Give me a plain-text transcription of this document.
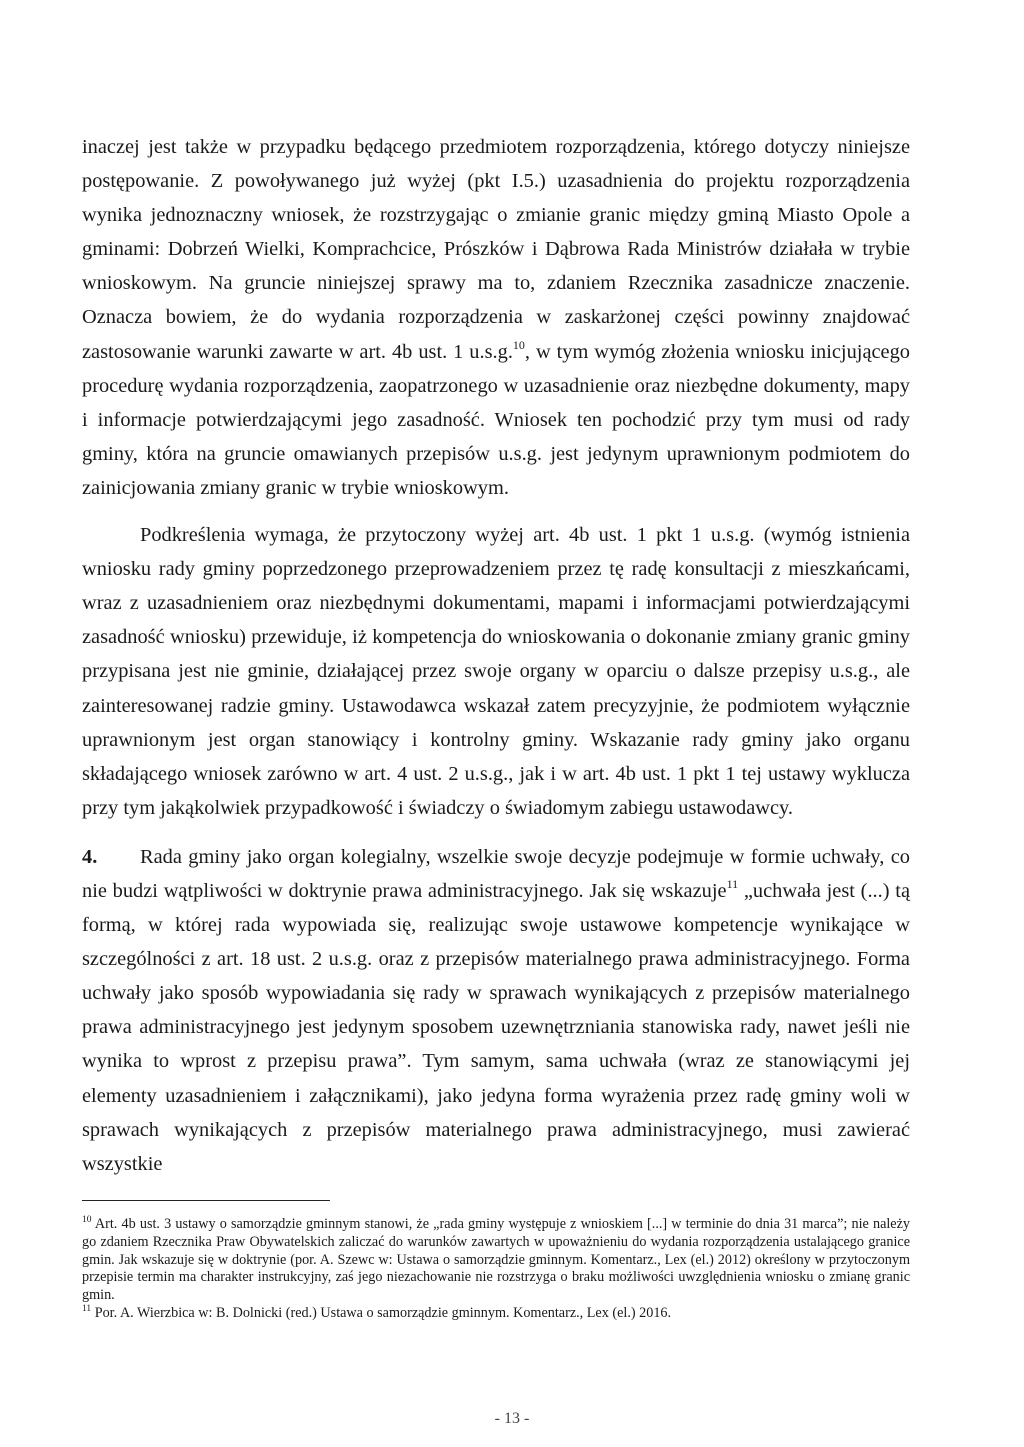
inaczej jest także w przypadku będącego przedmiotem rozporządzenia, którego dotyczy niniejsze postępowanie. Z powoływanego już wyżej (pkt I.5.) uzasadnienia do projektu rozporządzenia wynika jednoznaczny wniosek, że rozstrzygając o zmianie granic między gminą Miasto Opole a gminami: Dobrzeń Wielki, Komprachcice, Prószków i Dąbrowa Rada Ministrów działała w trybie wnioskowym. Na gruncie niniejszej sprawy ma to, zdaniem Rzecznika zasadnicze znaczenie. Oznacza bowiem, że do wydania rozporządzenia w zaskarżonej części powinny znajdować zastosowanie warunki zawarte w art. 4b ust. 1 u.s.g.$^{10}$, w tym wymóg złożenia wniosku inicjującego procedurę wydania rozporządzenia, zaopatrzonego w uzasadnienie oraz niezbędne dokumenty, mapy i informacje potwierdzającymi jego zasadność. Wniosek ten pochodzić przy tym musi od rady gminy, która na gruncie omawianych przepisów u.s.g. jest jedynym uprawnionym podmiotem do zainicjowania zmiany granic w trybie wnioskowym.

Podkreślenia wymaga, że przytoczony wyżej art. 4b ust. 1 pkt 1 u.s.g. (wymóg istnienia wniosku rady gminy poprzedzonego przeprowadzeniem przez tę radę konsultacji z mieszkańcami, wraz z uzasadnieniem oraz niezbędnymi dokumentami, mapami i informacjami potwierdzającymi zasadność wniosku) przewiduje, iż kompetencja do wnioskowania o dokonanie zmiany granic gminy przypisana jest nie gminie, działającej przez swoje organy w oparciu o dalsze przepisy u.s.g., ale zainteresowanej radzie gminy. Ustawodawca wskazał zatem precyzyjnie, że podmiotem wyłącznie uprawnionym jest organ stanowiący i kontrolny gminy. Wskazanie rady gminy jako organu składającego wniosek zarówno w art. 4 ust. 2 u.s.g., jak i w art. 4b ust. 1 pkt 1 tej ustawy wyklucza przy tym jakąkolwiek przypadkowość i świadczy o świadomym zabiegu ustawodawcy.

4. Rada gminy jako organ kolegialny, wszelkie swoje decyzje podejmuje w formie uchwały, co nie budzi wątpliwości w doktrynie prawa administracyjnego. Jak się wskazuje$^{11}$ „uchwała jest (...) tą formą, w której rada wypowiada się, realizując swoje ustawowe kompetencje wynikające w szczególności z art. 18 ust. 2 u.s.g. oraz z przepisów materialnego prawa administracyjnego. Forma uchwały jako sposób wypowiadania się rady w sprawach wynikających z przepisów materialnego prawa administracyjnego jest jedynym sposobem uzewnętrzniania stanowiska rady, nawet jeśli nie wynika to wprost z przepisu prawa”. Tym samym, sama uchwała (wraz ze stanowiącymi jej elementy uzasadnieniem i załącznikami), jako jedyna forma wyrażenia przez radę gminy woli w sprawach wynikających z przepisów materialnego prawa administracyjnego, musi zawierać wszystkie

$^{10}$ Art. 4b ust. 3 ustawy o samorządzie gminnym stanowi, że „rada gminy występuje z wnioskiem [...] w terminie do dnia 31 marca”; nie należy go zdaniem Rzecznika Praw Obywatelskich zaliczać do warunków zawartych w upoważnieniu do wydania rozporządzenia ustalającego granice gmin. Jak wskazuje się w doktrynie (por. A. Szewc w: Ustawa o samorządzie gminnym. Komentarz., Lex (el.) 2012) określony w przytoczonym przepisie termin ma charakter instrukcyjny, zaś jego niezachowanie nie rozstrzyga o braku możliwości uwzględnienia wniosku o zmianę granic gmin.

$^{11}$ Por. A. Wierzbica w: B. Dolnicki (red.) Ustawa o samorządzie gminnym. Komentarz., Lex (el.) 2016.

- 13 -
